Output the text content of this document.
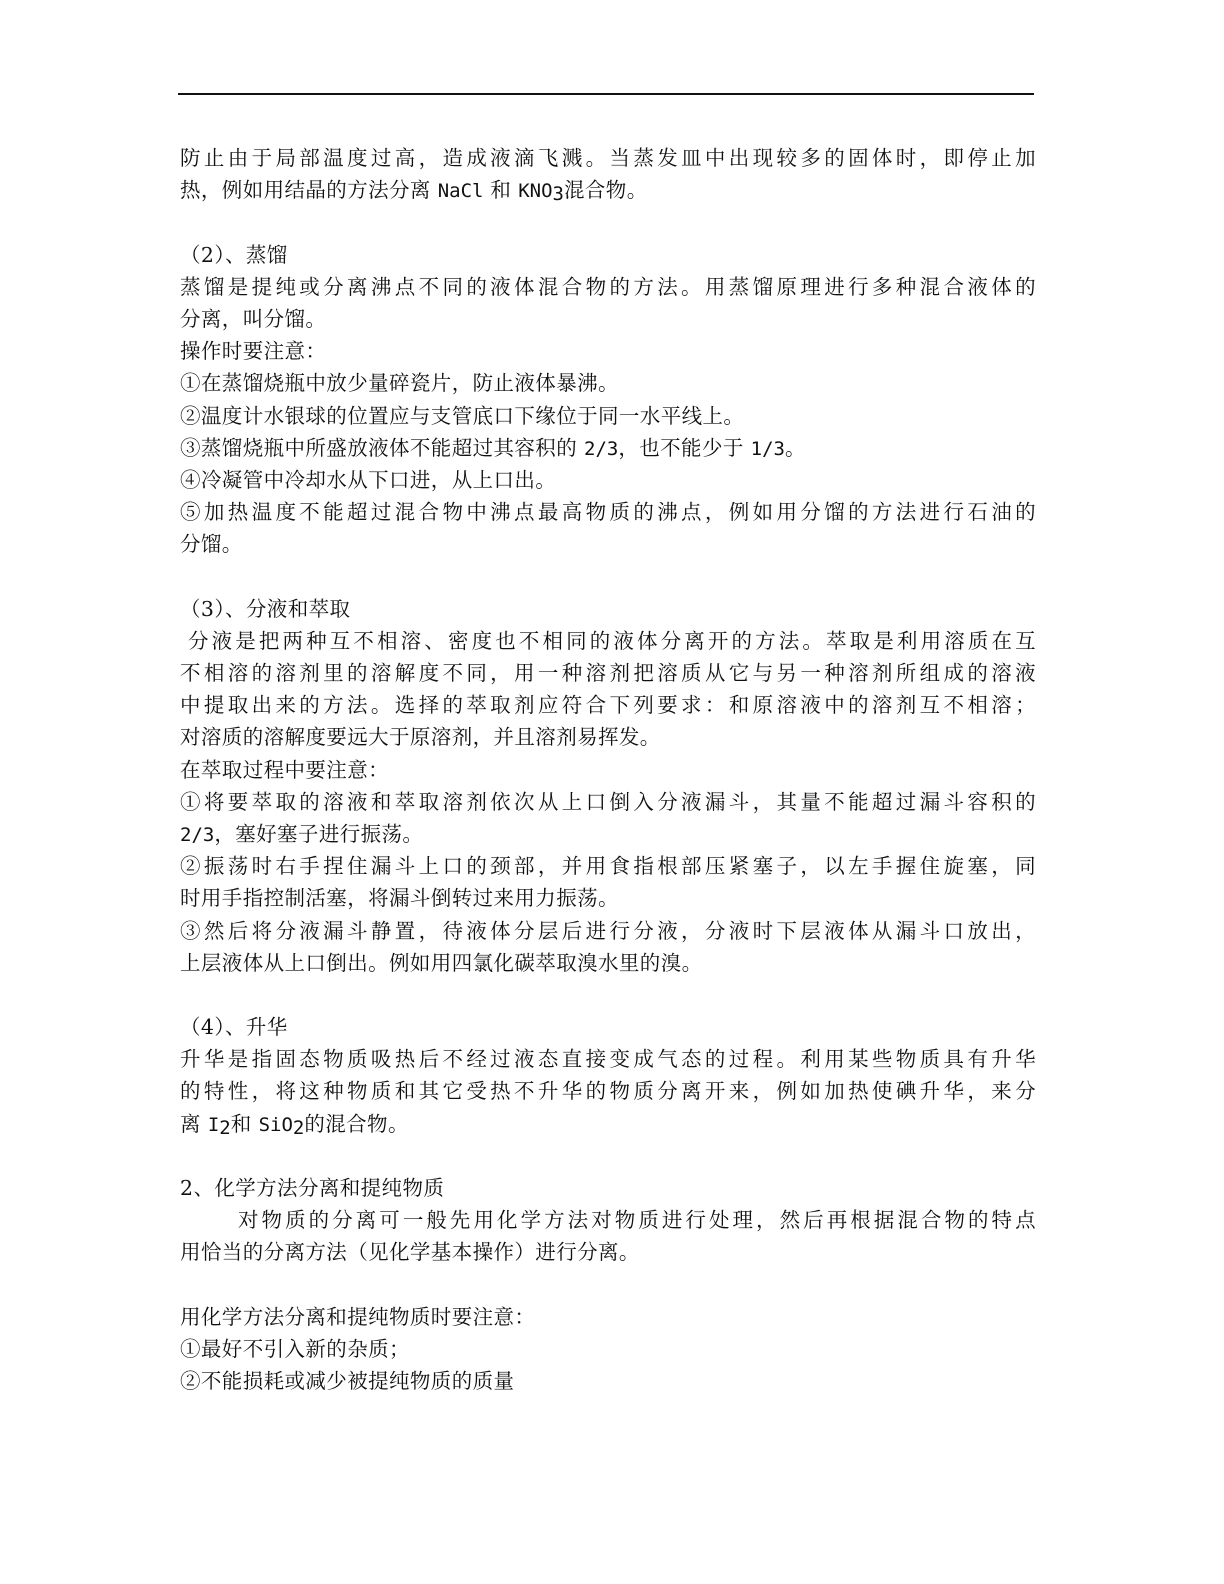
防止由于局部温度过高，造成液滴飞溅。当蒸发皿中出现较多的固体时，即停止加
热，例如用结晶的方法分离 NaCl 和 $KNO_3$混合物。
（2）、蒸馏
蒸馏是提纯或分离沸点不同的液体混合物的方法。用蒸馏原理进行多种混合液体的
分离，叫分馏。
操作时要注意：
①在蒸馏烧瓶中放少量碎瓷片，防止液体暴沸。
②温度计水银球的位置应与支管底口下缘位于同一水平线上。
③蒸馏烧瓶中所盛放液体不能超过其容积的 2/3，也不能少于 1/3。
④冷凝管中冷却水从下口进，从上口出。
⑤加热温度不能超过混合物中沸点最高物质的沸点，例如用分馏的方法进行石油的
分馏。
（3）、分液和萃取
分液是把两种互不相溶、密度也不相同的液体分离开的方法。萃取是利用溶质在互
不相溶的溶剂里的溶解度不同，用一种溶剂把溶质从它与另一种溶剂所组成的溶液
中提取出来的方法。选择的萃取剂应符合下列要求：和原溶液中的溶剂互不相溶；
对溶质的溶解度要远大于原溶剂，并且溶剂易挥发。
在萃取过程中要注意：
①将要萃取的溶液和萃取溶剂依次从上口倒入分液漏斗，其量不能超过漏斗容积的
2/3，塞好塞子进行振荡。
②振荡时右手捏住漏斗上口的颈部，并用食指根部压紧塞子，以左手握住旋塞，同
时用手指控制活塞，将漏斗倒转过来用力振荡。
③然后将分液漏斗静置，待液体分层后进行分液，分液时下层液体从漏斗口放出，
上层液体从上口倒出。例如用四氯化碳萃取溴水里的溴。
（4）、升华
升华是指固态物质吸热后不经过液态直接变成气态的过程。利用某些物质具有升华
的特性，将这种物质和其它受热不升华的物质分离开来，例如加热使碘升华，来分
离 $I_2$和 SiO$_2$的混合物。
2、化学方法分离和提纯物质
对物质的分离可一般先用化学方法对物质进行处理，然后再根据混合物的特点
用恰当的分离方法（见化学基本操作）进行分离。
用化学方法分离和提纯物质时要注意：
①最好不引入新的杂质；
②不能损耗或减少被提纯物质的质量
